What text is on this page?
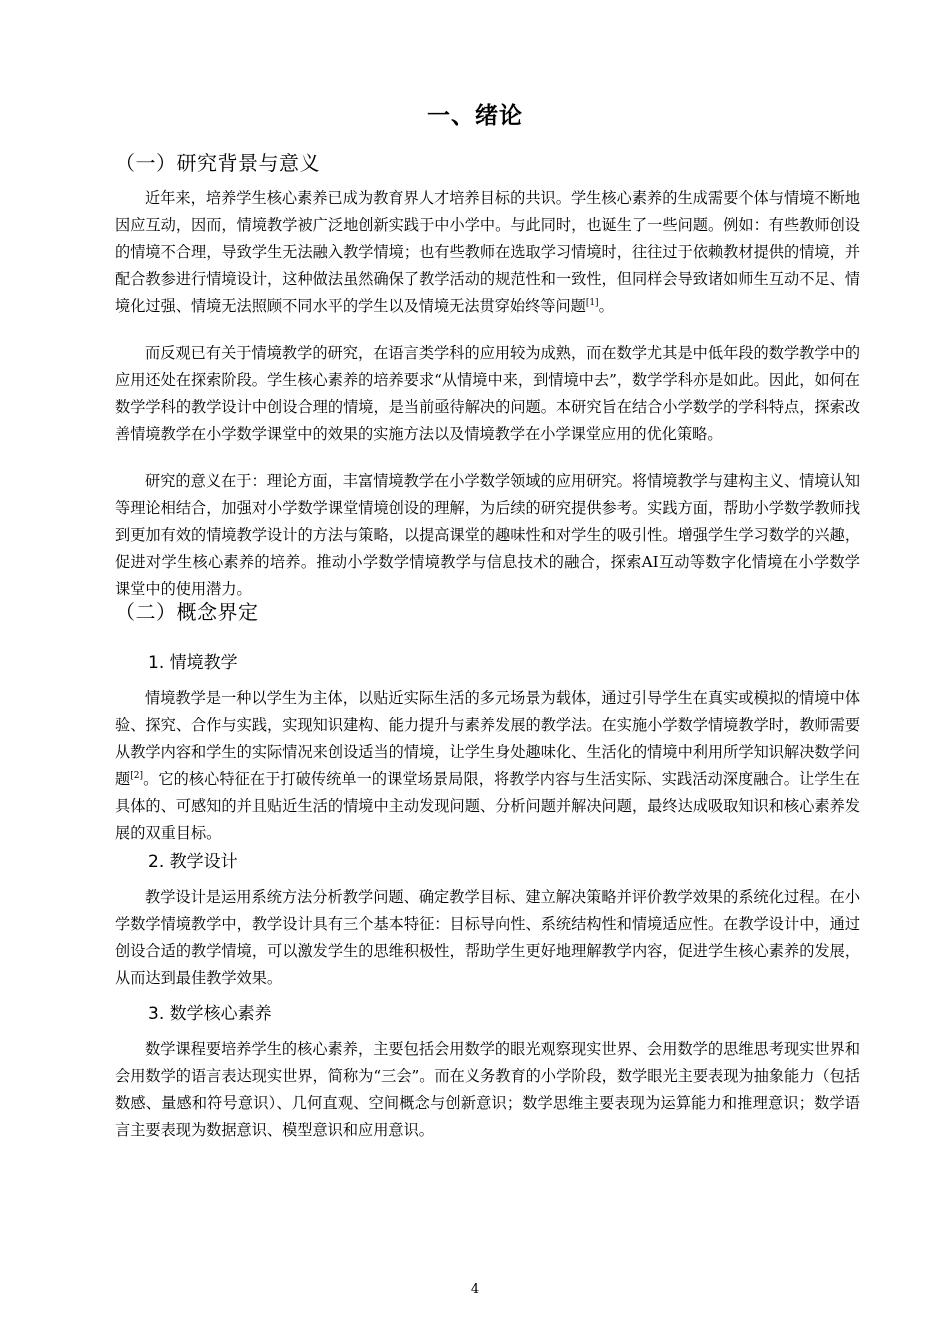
一、绪论
（一）研究背景与意义

近年来，培养学生核心素养已成为教育界人才培养目标的共识。学生核心素养的生成需要个体与情境不断地因应互动，因而，情境教学被广泛地创新实践于中小学中。与此同时，也诞生了一些问题。例如：有些教师创设的情境不合理，导致学生无法融入教学情境；也有些教师在选取学习情境时，往往过于依赖教材提供的情境，并配合教参进行情境设计，这种做法虽然确保了教学活动的规范性和一致性，但同样会导致诸如师生互动不足、情境化过强、情境无法照顾不同水平的学生以及情境无法贯穿始终等问题[1]。

而反观已有关于情境教学的研究，在语言类学科的应用较为成熟，而在数学尤其是中低年段的数学教学中的应用还处在探索阶段。学生核心素养的培养要求“从情境中来，到情境中去”，数学学科亦是如此。因此，如何在数学学科的教学设计中创设合理的情境，是当前亟待解决的问题。本研究旨在结合小学数学的学科特点，探索改善情境教学在小学数学课堂中的效果的实施方法以及情境教学在小学课堂应用的优化策略。

研究的意义在于：理论方面，丰富情境教学在小学数学领域的应用研究。将情境教学与建构主义、情境认知等理论相结合，加强对小学数学课堂情境创设的理解，为后续的研究提供参考。实践方面，帮助小学数学教师找到更加有效的情境教学设计的方法与策略，以提高课堂的趣味性和对学生的吸引性。增强学生学习数学的兴趣，促进对学生核心素养的培养。推动小学数学情境教学与信息技术的融合，探索AI互动等数字化情境在小学数学课堂中的使用潜力。

（二）概念界定
1. 情境教学

情境教学是一种以学生为主体，以贴近实际生活的多元场景为载体，通过引导学生在真实或模拟的情境中体验、探究、合作与实践，实现知识建构、能力提升与素养发展的教学法。在实施小学数学情境教学时，教师需要从教学内容和学生的实际情况来创设适当的情境，让学生身处趣味化、生活化的情境中利用所学知识解决数学问题[2]。它的核心特征在于打破传统单一的课堂场景局限，将教学内容与生活实际、实践活动深度融合。让学生在具体的、可感知的并且贴近生活的情境中主动发现问题、分析问题并解决问题，最终达成吸取知识和核心素养发展的双重目标。

2. 教学设计

教学设计是运用系统方法分析教学问题、确定教学目标、建立解决策略并评价教学效果的系统化过程。在小学数学情境教学中，教学设计具有三个基本特征：目标导向性、系统结构性和情境适应性。在教学设计中，通过创设合适的教学情境，可以激发学生的思维积极性，帮助学生更好地理解教学内容，促进学生核心素养的发展，从而达到最佳教学效果。

3. 数学核心素养

数学课程要培养学生的核心素养，主要包括会用数学的眼光观察现实世界、会用数学的思维思考现实世界和会用数学的语言表达现实世界，简称为“三会”。而在义务教育的小学阶段，数学眼光主要表现为抽象能力（包括数感、量感和符号意识）、几何直观、空间概念与创新意识；数学思维主要表现为运算能力和推理意识；数学语言主要表现为数据意识、模型意识和应用意识。

4
